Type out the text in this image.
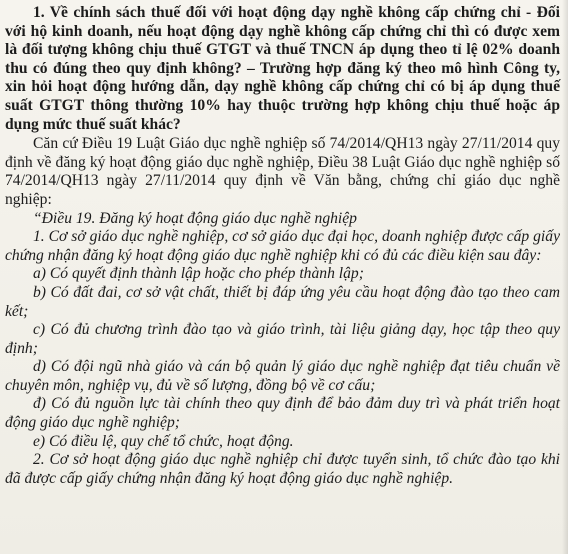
1. Về chính sách thuế đối với hoạt động dạy nghề không cấp chứng chỉ - Đối với hộ kinh doanh, nếu hoạt động dạy nghề không cấp chứng chỉ thì có được xem là đối tượng không chịu thuế GTGT và thuế TNCN áp dụng theo tỉ lệ 02% doanh thu có đúng theo quy định không? – Trường hợp đăng ký theo mô hình Công ty, xin hỏi hoạt động hướng dẫn, dạy nghề không cấp chứng chỉ có bị áp dụng thuế suất GTGT thông thường 10% hay thuộc trường hợp không chịu thuế hoặc áp dụng mức thuế suất khác?

Căn cứ Điều 19 Luật Giáo dục nghề nghiệp số 74/2014/QH13 ngày 27/11/2014 quy định về đăng ký hoạt động giáo dục nghề nghiệp, Điều 38 Luật Giáo dục nghề nghiệp số 74/2014/QH13 ngày 27/11/2014 quy định về Văn bằng, chứng chỉ giáo dục nghề nghiệp:

“Điều 19. Đăng ký hoạt động giáo dục nghề nghiệp

1. Cơ sở giáo dục nghề nghiệp, cơ sở giáo dục đại học, doanh nghiệp được cấp giấy chứng nhận đăng ký hoạt động giáo dục nghề nghiệp khi có đủ các điều kiện sau đây:

a) Có quyết định thành lập hoặc cho phép thành lập;

b) Có đất đai, cơ sở vật chất, thiết bị đáp ứng yêu cầu hoạt động đào tạo theo cam kết;

c) Có đủ chương trình đào tạo và giáo trình, tài liệu giảng dạy, học tập theo quy định;

d) Có đội ngũ nhà giáo và cán bộ quản lý giáo dục nghề nghiệp đạt tiêu chuẩn về chuyên môn, nghiệp vụ, đủ về số lượng, đồng bộ về cơ cấu;

đ) Có đủ nguồn lực tài chính theo quy định để bảo đảm duy trì và phát triển hoạt động giáo dục nghề nghiệp;

e) Có điều lệ, quy chế tổ chức, hoạt động.

2. Cơ sở hoạt động giáo dục nghề nghiệp chỉ được tuyển sinh, tổ chức đào tạo khi đã được cấp giấy chứng nhận đăng ký hoạt động giáo dục nghề nghiệp.
